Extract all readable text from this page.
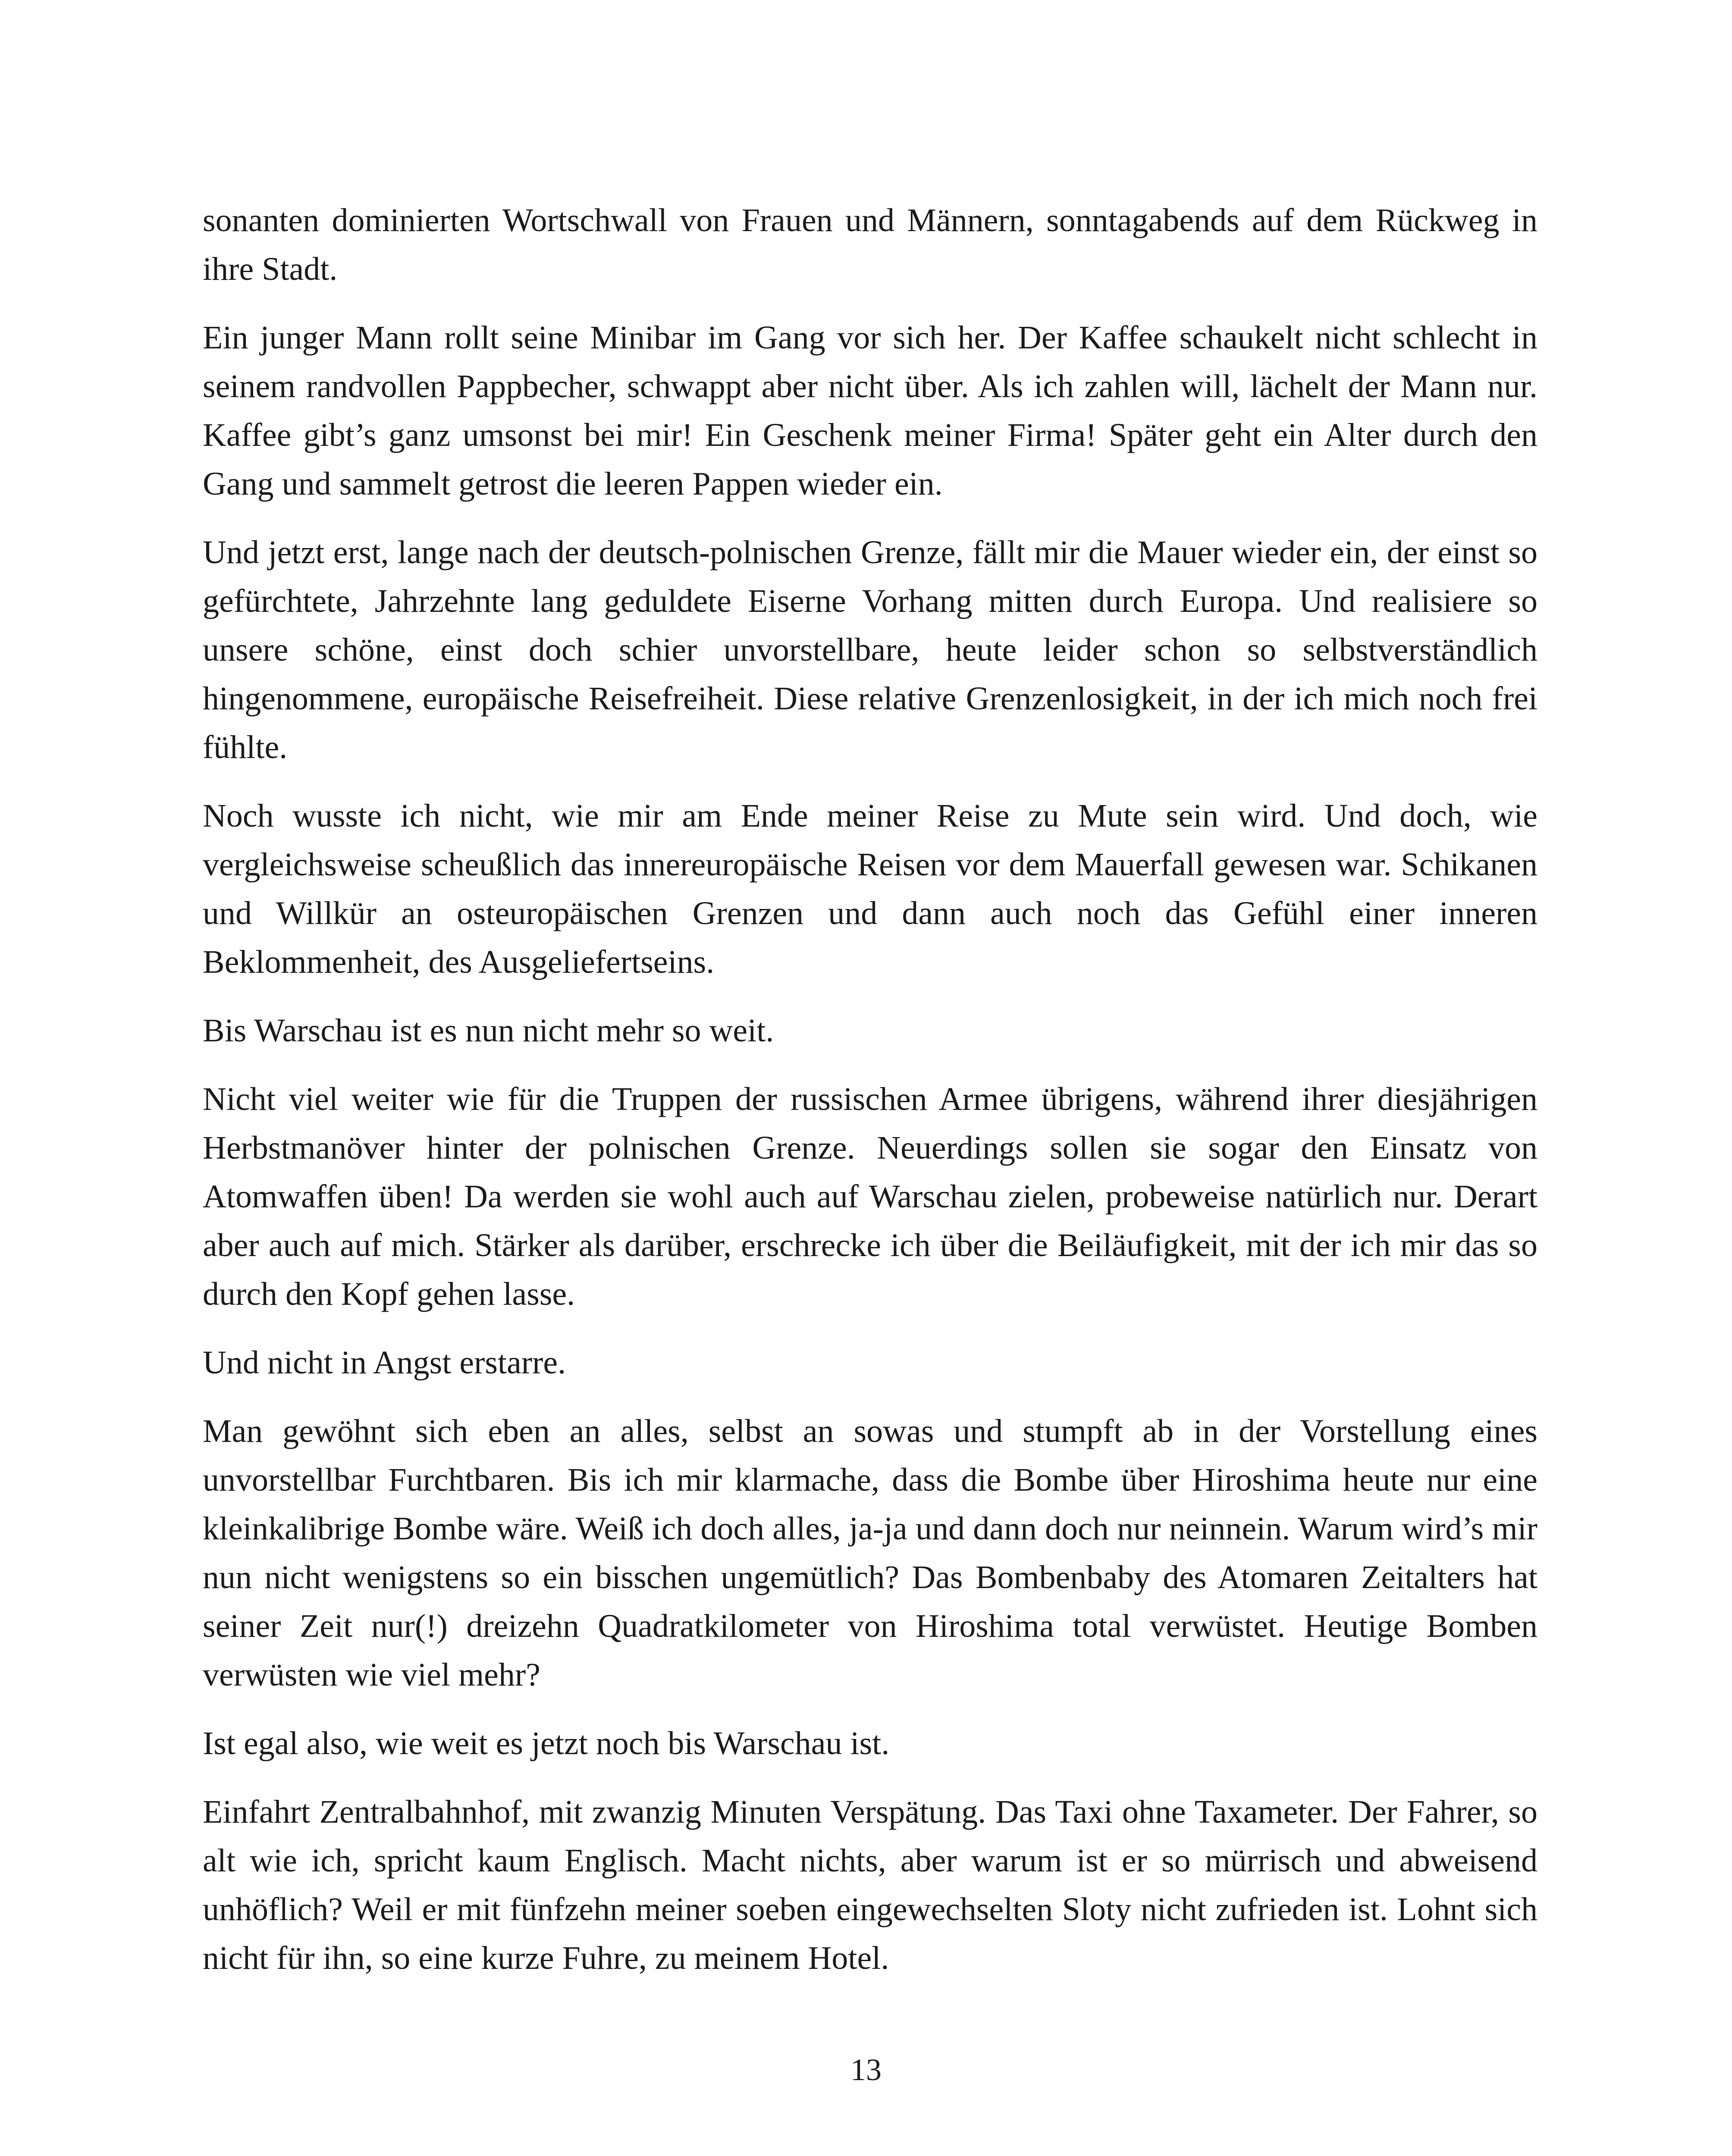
sonanten dominierten Wortschwall von Frauen und Männern, sonntagabends auf dem Rückweg in ihre Stadt.

Ein junger Mann rollt seine Minibar im Gang vor sich her. Der Kaffee schaukelt nicht schlecht in seinem randvollen Pappbecher, schwappt aber nicht über. Als ich zahlen will, lächelt der Mann nur. Kaffee gibt’s ganz umsonst bei mir! Ein Geschenk meiner Firma! Später geht ein Alter durch den Gang und sammelt getrost die leeren Pappen wieder ein.

Und jetzt erst, lange nach der deutsch-polnischen Grenze, fällt mir die Mauer wieder ein, der einst so gefürchtete, Jahrzehnte lang geduldete Eiserne Vorhang mitten durch Europa. Und realisiere so unsere schöne, einst doch schier unvorstellbare, heute leider schon so selbstverständlich hingenommene, europäische Reisefreiheit. Diese relative Grenzenlosigkeit, in der ich mich noch frei fühlte.

Noch wusste ich nicht, wie mir am Ende meiner Reise zu Mute sein wird. Und doch, wie vergleichsweise scheußlich das innereuropäische Reisen vor dem Mauerfall gewesen war. Schikanen und Willkür an osteuropäischen Grenzen und dann auch noch das Gefühl einer inneren Beklommenheit, des Ausgeliefertseins.

Bis Warschau ist es nun nicht mehr so weit.

Nicht viel weiter wie für die Truppen der russischen Armee übrigens, während ihrer diesjährigen Herbstmanöver hinter der polnischen Grenze. Neuerdings sollen sie sogar den Einsatz von Atomwaffen üben! Da werden sie wohl auch auf Warschau zielen, probeweise natürlich nur. Derart aber auch auf mich. Stärker als darüber, erschrecke ich über die Beiläufigkeit, mit der ich mir das so durch den Kopf gehen lasse.

Und nicht in Angst erstarre.

Man gewöhnt sich eben an alles, selbst an sowas und stumpft ab in der Vorstellung eines unvorstellbar Furchtbaren. Bis ich mir klarmache, dass die Bombe über Hiroshima heute nur eine kleinkalibrige Bombe wäre. Weiß ich doch alles, ja-ja und dann doch nur neinnein. Warum wird’s mir nun nicht wenigstens so ein bisschen ungemütlich? Das Bombenbaby des Atomaren Zeitalters hat seiner Zeit nur(!) dreizehn Quadratkilometer von Hiroshima total verwüstet. Heutige Bomben verwüsten wie viel mehr?

Ist egal also, wie weit es jetzt noch bis Warschau ist.

Einfahrt Zentralbahnhof, mit zwanzig Minuten Verspätung. Das Taxi ohne Taxameter. Der Fahrer, so alt wie ich, spricht kaum Englisch. Macht nichts, aber warum ist er so mürrisch und abweisend unhöflich? Weil er mit fünfzehn meiner soeben eingewechselten Sloty nicht zufrieden ist. Lohnt sich nicht für ihn, so eine kurze Fuhre, zu meinem Hotel.

13
